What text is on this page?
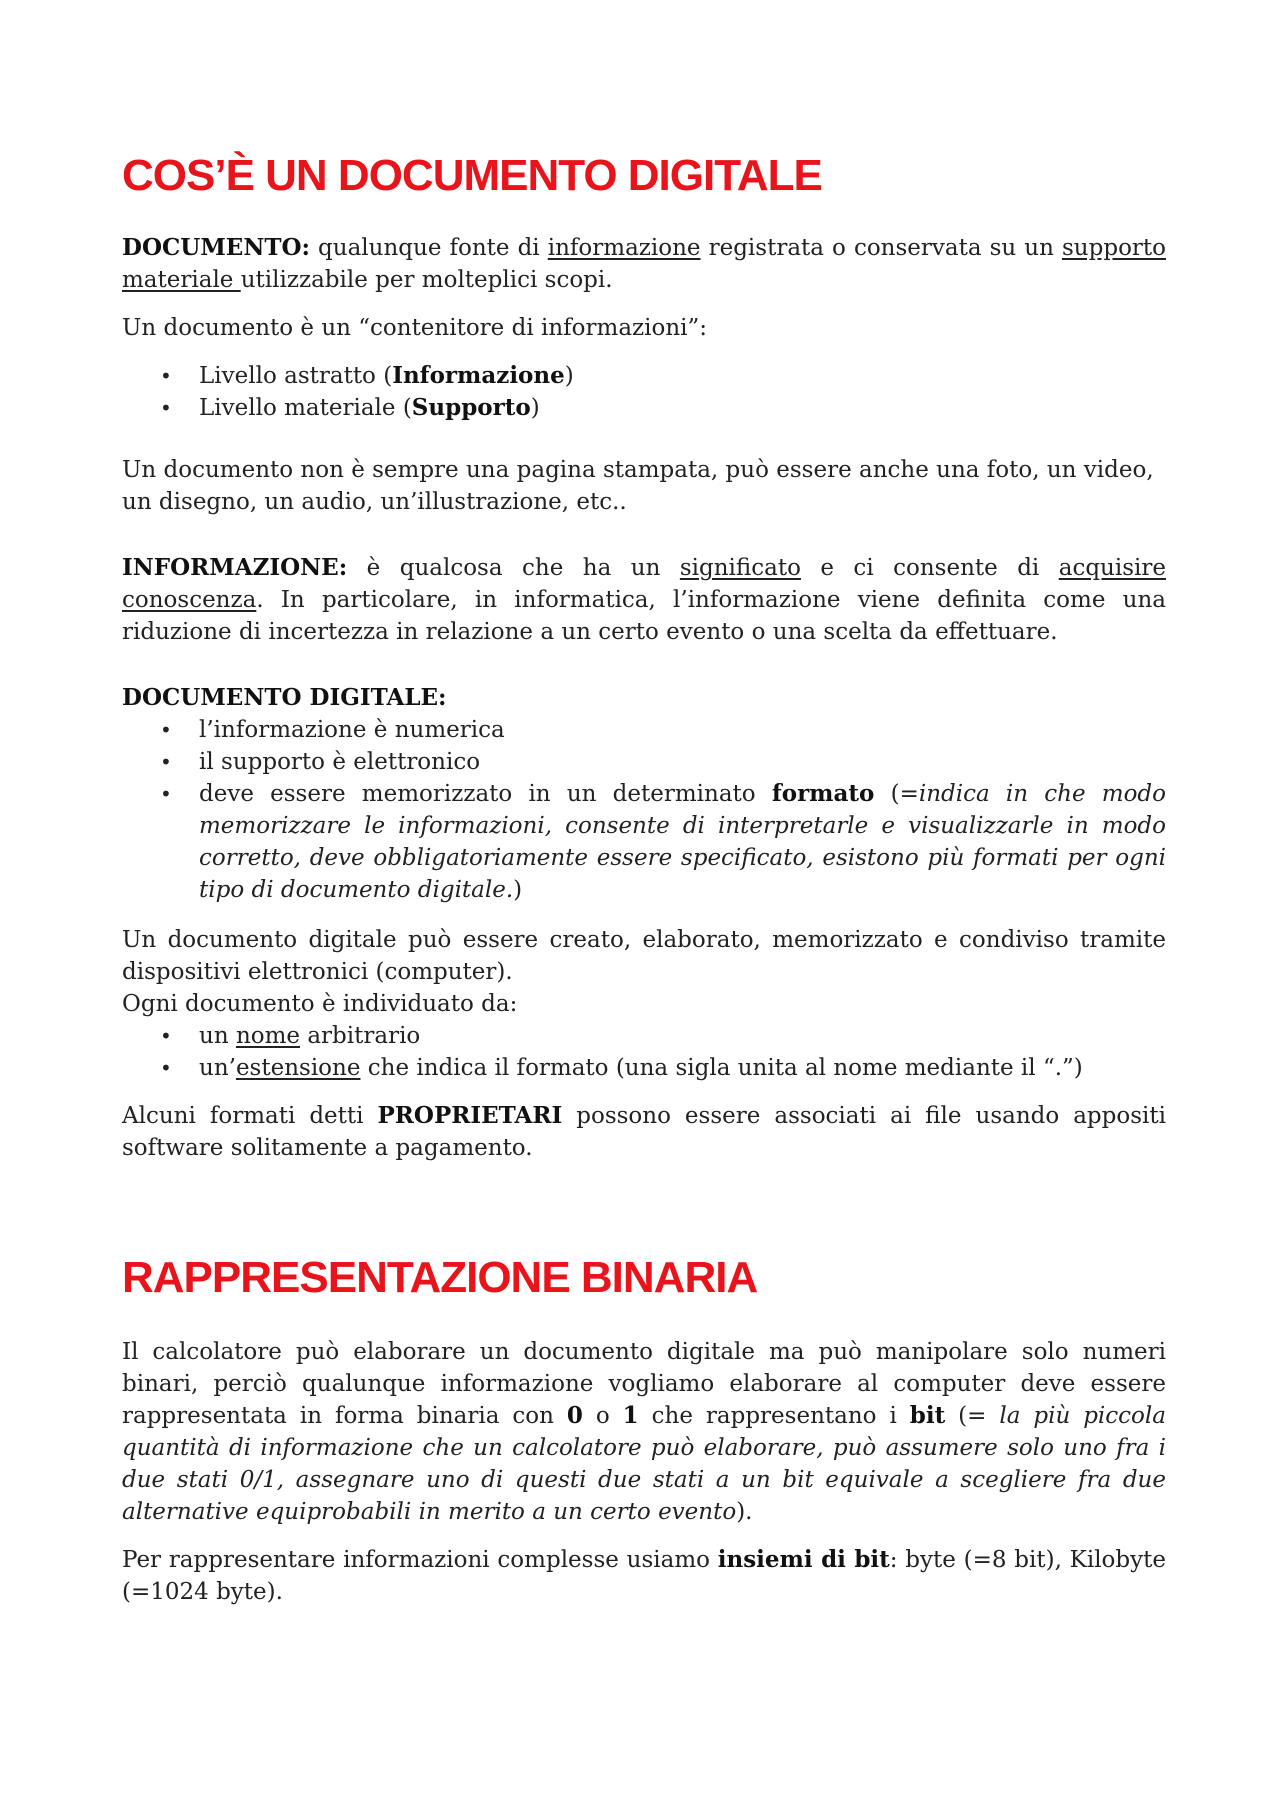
COS’È UN DOCUMENTO DIGITALE

DOCUMENTO: qualunque fonte di informazione registrata o conservata su un supporto materiale utilizzabile per molteplici scopi.

Un documento è un “contenitore di informazioni”:

• Livello astratto (Informazione)
• Livello materiale (Supporto)

Un documento non è sempre una pagina stampata, può essere anche una foto, un video, un disegno, un audio, un’illustrazione, etc..

INFORMAZIONE: è qualcosa che ha un significato e ci consente di acquisire conoscenza. In particolare, in informatica, l’informazione viene definita come una riduzione di incertezza in relazione a un certo evento o una scelta da effettuare.

DOCUMENTO DIGITALE:

• l’informazione è numerica
• il supporto è elettronico
• deve essere memorizzato in un determinato formato (=indica in che modo memorizzare le informazioni, consente di interpretarle e visualizzarle in modo corretto, deve obbligatoriamente essere specificato, esistono più formati per ogni tipo di documento digitale.)

Un documento digitale può essere creato, elaborato, memorizzato e condiviso tramite dispositivi elettronici (computer).

Ogni documento è individuato da:

• un nome arbitrario
• un’estensione che indica il formato (una sigla unita al nome mediante il “.”)

Alcuni formati detti PROPRIETARI possono essere associati ai file usando appositi software solitamente a pagamento.

RAPPRESENTAZIONE BINARIA

Il calcolatore può elaborare un documento digitale ma può manipolare solo numeri binari, perciò qualunque informazione vogliamo elaborare al computer deve essere rappresentata in forma binaria con 0 o 1 che rappresentano i bit (= la più piccola quantità di informazione che un calcolatore può elaborare, può assumere solo uno fra i due stati 0/1, assegnare uno di questi due stati a un bit equivale a scegliere fra due alternative equiprobabili in merito a un certo evento).

Per rappresentare informazioni complesse usiamo insiemi di bit: byte (=8 bit), Kilobyte (=1024 byte).
